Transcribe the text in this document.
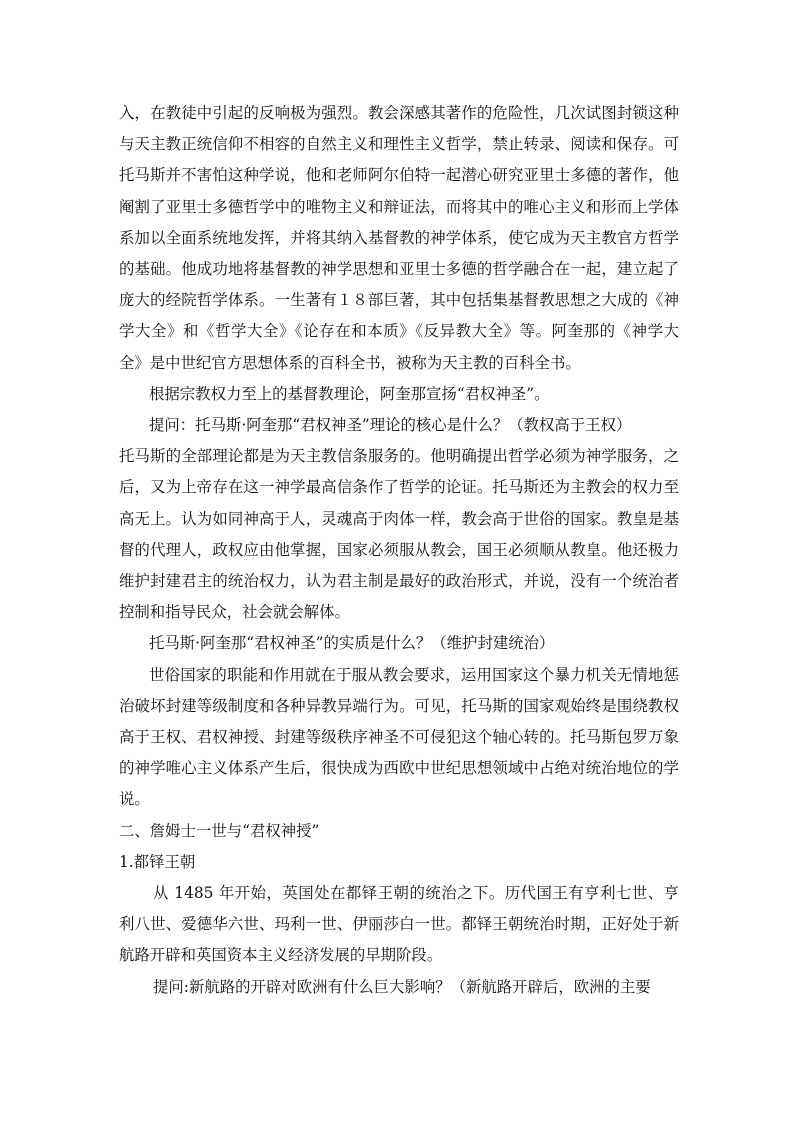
入，在教徒中引起的反响极为强烈。教会深感其著作的危险性，几次试图封锁这种与天主教正统信仰不相容的自然主义和理性主义哲学，禁止转录、阅读和保存。可托马斯并不害怕这种学说，他和老师阿尔伯特一起潜心研究亚里士多德的著作，他阉割了亚里士多德哲学中的唯物主义和辩证法，而将其中的唯心主义和形而上学体系加以全面系统地发挥，并将其纳入基督教的神学体系，使它成为天主教官方哲学的基础。他成功地将基督教的神学思想和亚里士多德的哲学融合在一起，建立起了庞大的经院哲学体系。一生著有１８部巨著，其中包括集基督教思想之大成的《神学大全》和《哲学大全》《论存在和本质》《反异教大全》等。阿奎那的《神学大全》是中世纪官方思想体系的百科全书，被称为天主教的百科全书。

根据宗教权力至上的基督教理论，阿奎那宣扬“君权神圣”。

提问：托马斯·阿奎那“君权神圣”理论的核心是什么？（教权高于王权）

托马斯的全部理论都是为天主教信条服务的。他明确提出哲学必须为神学服务，之后，又为上帝存在这一神学最高信条作了哲学的论证。托马斯还为主教会的权力至高无上。认为如同神高于人，灵魂高于肉体一样，教会高于世俗的国家。教皇是基督的代理人，政权应由他掌握，国家必须服从教会，国王必须顺从教皇。他还极力维护封建君主的统治权力，认为君主制是最好的政治形式，并说，没有一个统治者控制和指导民众，社会就会解体。

托马斯·阿奎那“君权神圣”的实质是什么？（维护封建统治）

世俗国家的职能和作用就在于服从教会要求，运用国家这个暴力机关无情地惩治破坏封建等级制度和各种异教异端行为。可见，托马斯的国家观始终是围绕教权高于王权、君权神授、封建等级秩序神圣不可侵犯这个轴心转的。托马斯包罗万象的神学唯心主义体系产生后，很快成为西欧中世纪思想领域中占绝对统治地位的学说。

二、詹姆士一世与“君权神授”

1.都铎王朝

从 1485 年开始，英国处在都铎王朝的统治之下。历代国王有亨利七世、亨利八世、爱德华六世、玛利一世、伊丽莎白一世。都铎王朝统治时期，正好处于新航路开辟和英国资本主义经济发展的早期阶段。

提问:新航路的开辟对欧洲有什么巨大影响？（新航路开辟后，欧洲的主要
